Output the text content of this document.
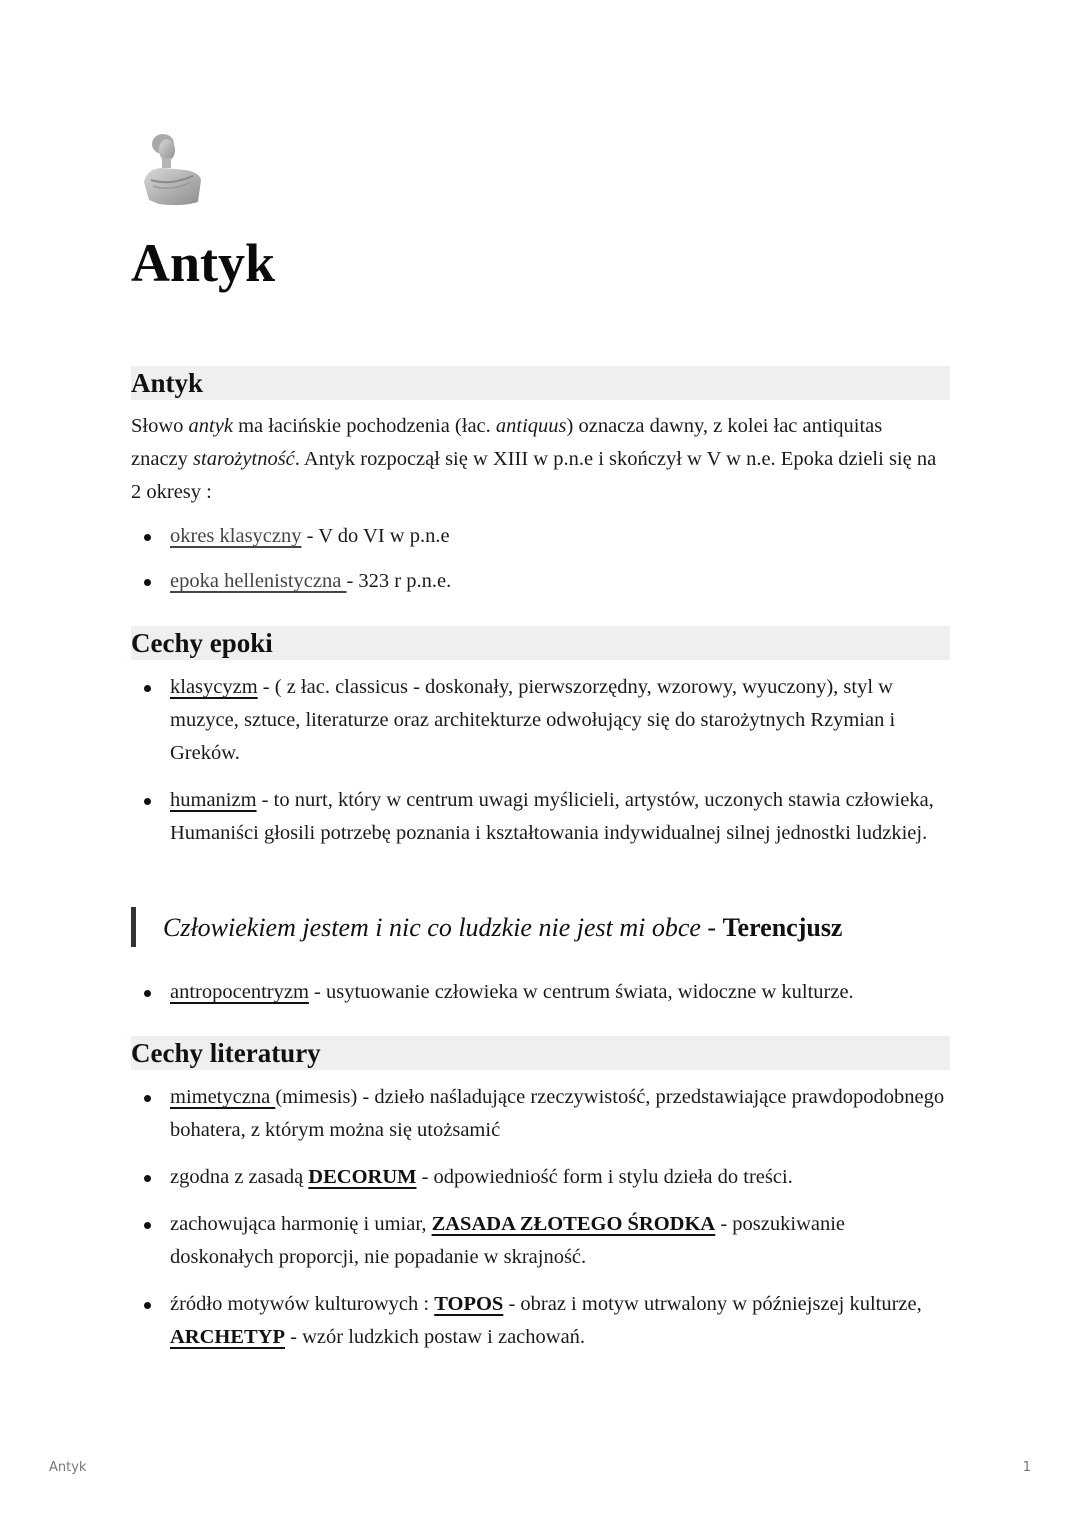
Antyk
Antyk

Słowo antyk ma łacińskie pochodzenia (łac. antiquus) oznacza dawny, z kolei łac antiquitas znaczy starożytność. Antyk rozpoczął się w XIII w p.n.e i skończył w V w n.e. Epoka dzieli się na 2 okresy :

okres klasyczny - V do VI w p.n.e
epoka hellenistyczna - 323 r p.n.e.
Cechy epoki
klasycyzm - ( z łac. classicus - doskonały, pierwszorzędny, wzorowy, wyuczony), styl w muzyce, sztuce, literaturze oraz architekturze odwołujący się do starożytnych Rzymian i Greków.
humanizm - to nurt, który w centrum uwagi myślicieli, artystów, uczonych stawia człowieka, Humaniści głosili potrzebę poznania i kształtowania indywidualnej silnej jednostki ludzkiej.
Człowiekiem jestem i nic co ludzkie nie jest mi obce - Terencjusz
antropocentryzm - usytuowanie człowieka w centrum świata, widoczne w kulturze.
Cechy literatury
mimetyczna (mimesis) - dzieło naśladujące rzeczywistość, przedstawiające prawdopodobnego bohatera, z którym można się utożsamić
zgodna z zasadą DECORUM - odpowiedniość form i stylu dzieła do treści.
zachowująca harmonię i umiar, ZASADA ZŁOTEGO ŚRODKA - poszukiwanie doskonałych proporcji, nie popadanie w skrajność.
źródło motywów kulturowych : TOPOS - obraz i motyw utrwalony w późniejszej kulturze, ARCHETYP - wzór ludzkich postaw i zachowań.
Antyk	1
